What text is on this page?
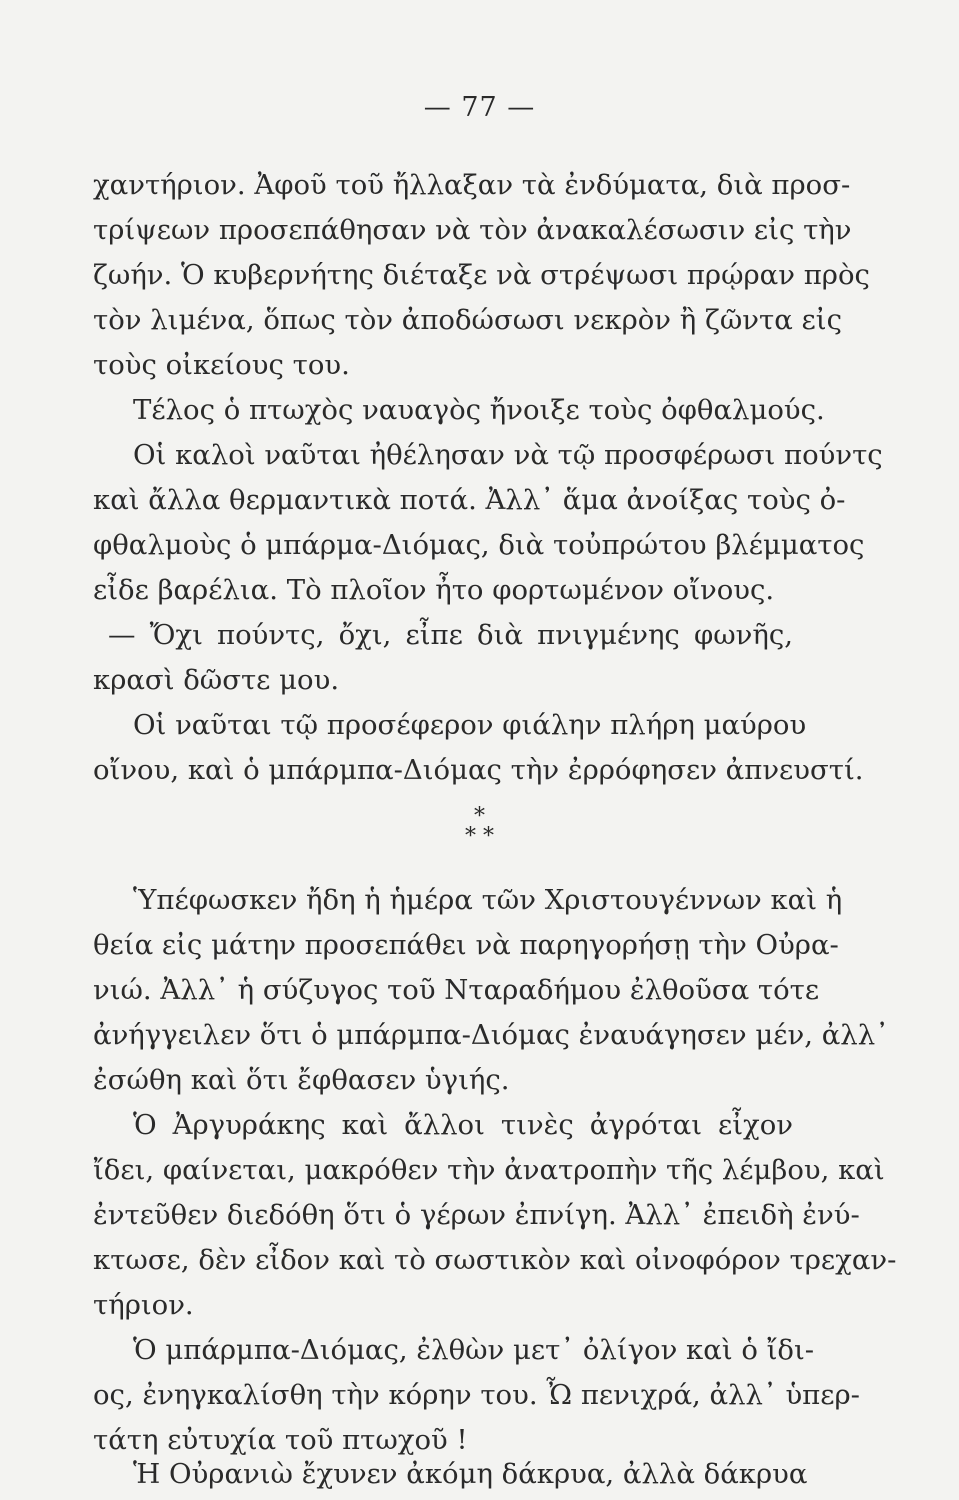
— 77 —
χαντήριον. Ἀφοῦ τοῦ ἤλλαξαν τὰ ἐνδύματα, διὰ προσ-
τρίψεων προσεπάθησαν νὰ τὸν ἀνακαλέσωσιν εἰς τὴν
ζωήν. Ὁ κυβερνήτης διέταξε νὰ στρέψωσι πρῴραν πρὸς
τὸν λιμένα, ὅπως τὸν ἀποδώσωσι νεκρὸν ἢ ζῶντα εἰς
τοὺς οἰκείους του.
Τέλος ὁ πτωχὸς ναυαγὸς ἤνοιξε τοὺς ὀφθαλμούς.
Οἱ καλοὶ ναῦται ἠθέλησαν νὰ τῷ προσφέρωσι πούντς
καὶ ἄλλα θερμαντικὰ ποτά. Ἀλλ᾽ ἅμα ἀνοίξας τοὺς ὀ-
φθαλμοὺς ὁ μπάρμα-Διόμας, διὰ τοὐπρώτου βλέμματος
εἶδε βαρέλια. Τὸ πλοῖον ἦτο φορτωμένον οἴνους.
— Ὄχι πούντς, ὄχι, εἶπε διὰ πνιγμένης φωνῆς,
κρασὶ δῶστε μου.
Οἱ ναῦται τῷ προσέφερον φιάλην πλήρη μαύρου
οἴνου, καὶ ὁ μπάρμπα-Διόμας τὴν ἐρρόφησεν ἀπνευστί.
*
* *
Ὑπέφωσκεν ἤδη ἡ ἡμέρα τῶν Χριστουγέννων καὶ ἡ
θεία εἰς μάτην προσεπάθει νὰ παρηγορήσῃ τὴν Οὐρα-
νιώ. Ἀλλ᾽ ἡ σύζυγος τοῦ Νταραδήμου ἐλθοῦσα τότε
ἀνήγγειλεν ὅτι ὁ μπάρμπα-Διόμας ἐναυάγησεν μέν, ἀλλ᾽
ἐσώθη καὶ ὅτι ἔφθασεν ὑγιής.
Ὁ Ἀργυράκης καὶ ἄλλοι τινὲς ἀγρόται εἶχον
ἴδει, φαίνεται, μακρόθεν τὴν ἀνατροπὴν τῆς λέμβου, καὶ
ἐντεῦθεν διεδόθη ὅτι ὁ γέρων ἐπνίγη. Ἀλλ᾽ ἐπειδὴ ἐνύ-
κτωσε, δὲν εἶδον καὶ τὸ σωστικὸν καὶ οἰνοφόρον τρεχαν-
τήριον.
Ὁ μπάρμπα-Διόμας, ἐλθὼν μετ᾽ ὀλίγον καὶ ὁ ἴδι-
ος, ἐνηγκαλίσθη τὴν κόρην του. Ὦ πενιχρά, ἀλλ᾽ ὑπερ-
τάτη εὐτυχία τοῦ πτωχοῦ !
Ἡ Οὐρανιὼ ἔχυνεν ἀκόμη δάκρυα, ἀλλὰ δάκρυα
